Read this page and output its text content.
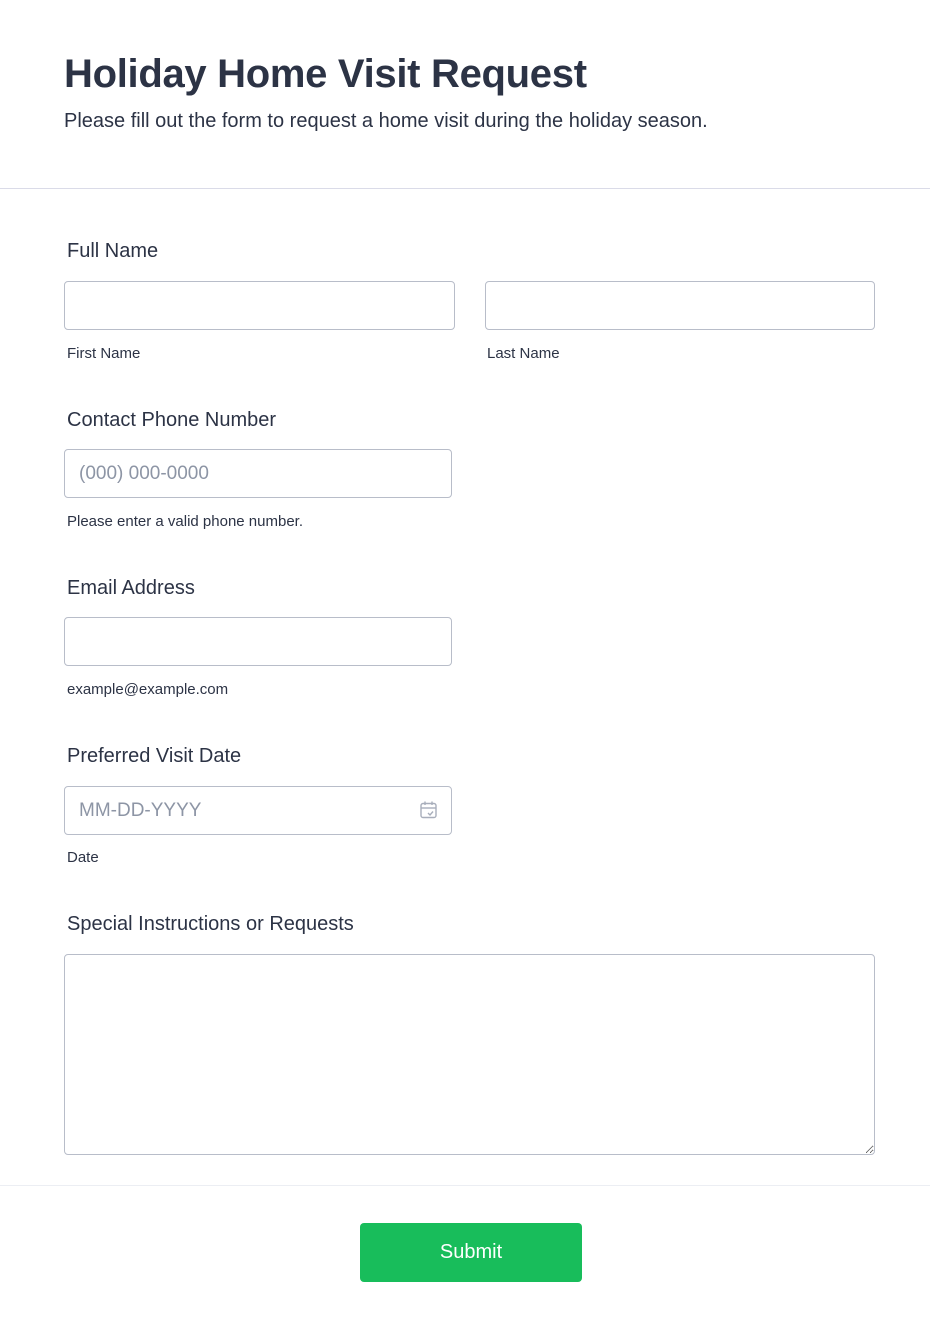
Holiday Home Visit Request
Please fill out the form to request a home visit during the holiday season.
Full Name
First Name	Last Name
Contact Phone Number
(000) 000-0000
Please enter a valid phone number.
Email Address
example@example.com
Preferred Visit Date
MM-DD-YYYY
Date
Special Instructions or Requests
Submit
